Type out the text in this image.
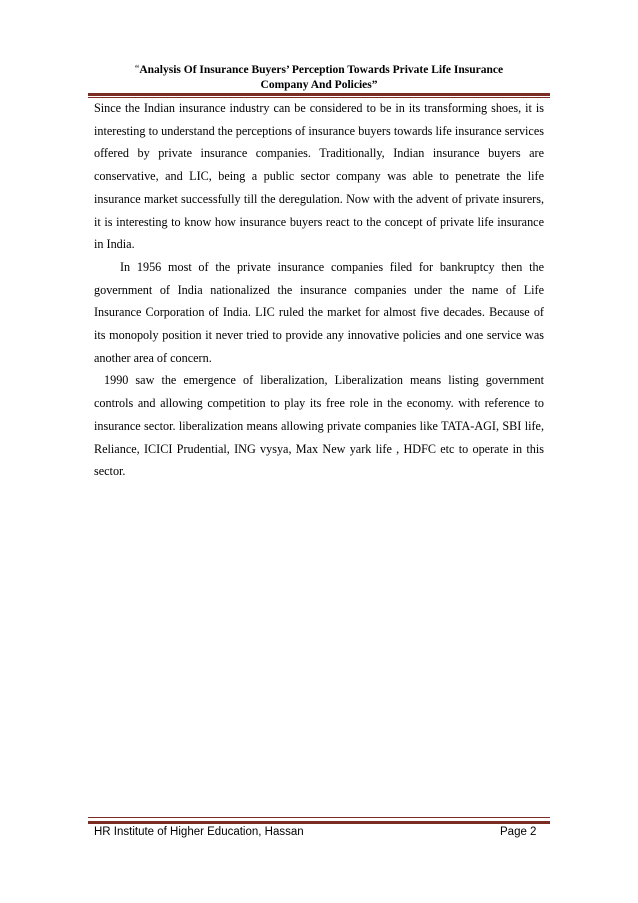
“Analysis Of Insurance Buyers’ Perception Towards Private Life Insurance
Company And Policies”

Since the Indian insurance industry can be considered to be in its transforming shoes, it is interesting to understand the perceptions of insurance buyers towards life insurance services offered by private insurance companies. Traditionally, Indian insurance buyers are conservative, and LIC, being a public sector company was able to penetrate the life insurance market successfully till the deregulation. Now with the advent of private insurers, it is interesting to know how insurance buyers react to the concept of private life insurance in India.

In 1956 most of the private insurance companies filed for bankruptcy then the government of India nationalized the insurance companies under the name of Life Insurance Corporation of India. LIC ruled the market for almost five decades. Because of its monopoly position it never tried to provide any innovative policies and one service was another area of concern.

1990 saw the emergence of liberalization, Liberalization means listing government controls and allowing competition to play its free role in the economy. with reference to insurance sector. liberalization means allowing private companies like TATA-AGI, SBI life, Reliance, ICICI Prudential, ING vysya, Max New yark life , HDFC etc to operate in this sector.

HR Institute of Higher Education, Hassan	Page 2
